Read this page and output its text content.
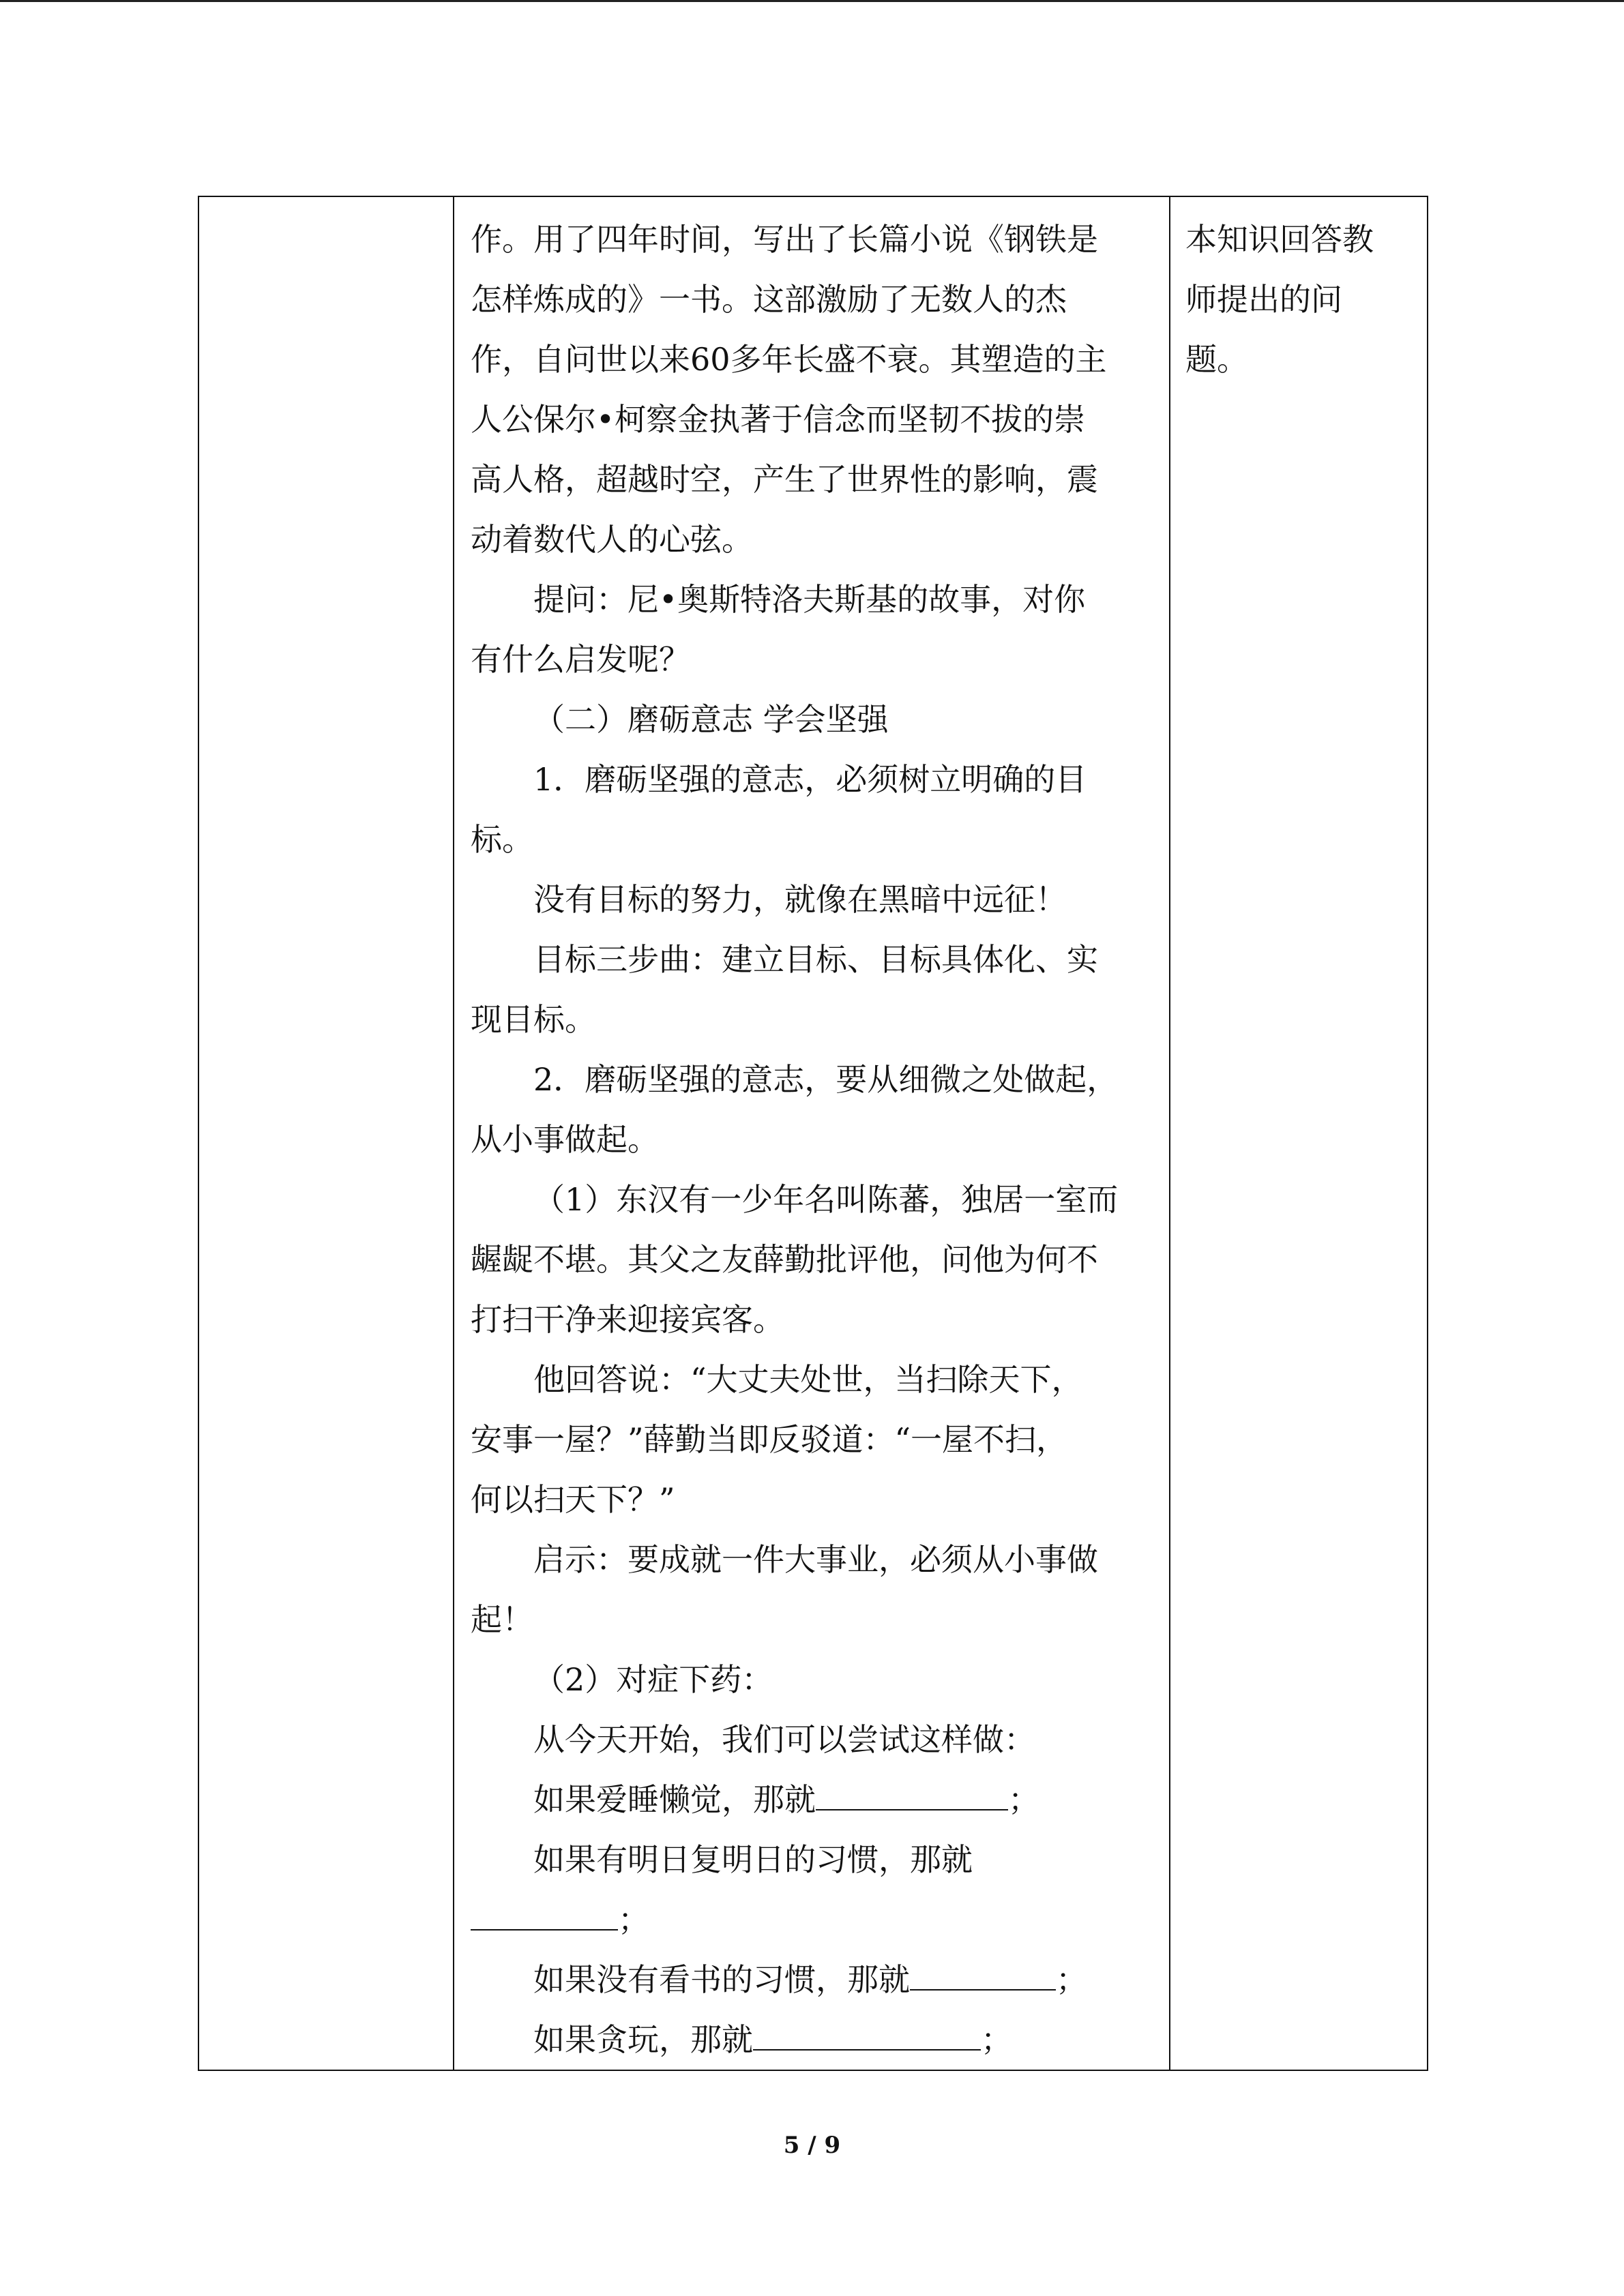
作。用了四年时间，写出了长篇小说《钢铁是

怎样炼成的》一书。这部激励了无数人的杰

作，自问世以来60多年长盛不衰。其塑造的主

人公保尔•柯察金执著于信念而坚韧不拔的崇

高人格，超越时空，产生了世界性的影响，震

动着数代人的心弦。

提问：尼•奥斯特洛夫斯基的故事，对你

有什么启发呢？

（二）磨砺意志 学会坚强

1．磨砺坚强的意志，必须树立明确的目

标。

没有目标的努力，就像在黑暗中远征！

目标三步曲：建立目标、目标具体化、实

现目标。

2．磨砺坚强的意志，要从细微之处做起，

从小事做起。

（1）东汉有一少年名叫陈蕃，独居一室而

龌龊不堪。其父之友薛勤批评他，问他为何不

打扫干净来迎接宾客。

他回答说：“大丈夫处世，当扫除天下，

安事一屋？”薛勤当即反驳道：“一屋不扫，

何以扫天下？”

启示：要成就一件大事业，必须从小事做

起！

（2）对症下药：

从今天开始，我们可以尝试这样做：

如果爱睡懒觉，那就	；

如果有明日复明日的习惯，那就

；

如果没有看书的习惯，那就	；

如果贪玩，那就	；

本知识回答教
师提出的问
题。
5 / 9
